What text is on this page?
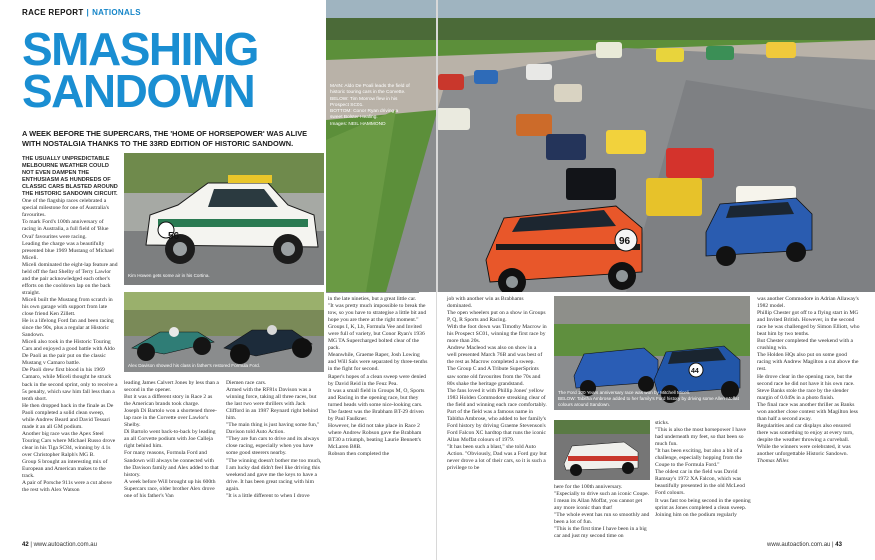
RACE REPORT | NATIONALS
SMASHING
SANDOWN
A WEEK BEFORE THE SUPERCARS, THE 'HOME OF HORSEPOWER' WAS ALIVE WITH NOSTALGIA THANKS TO THE 33RD EDITION OF HISTORIC SANDOWN.

THE USUALLY UNPREDICTABLE MELBOURNE WEATHER COULD NOT EVEN DAMPEN THE ENTHUSIASM AS HUNDREDS OF CLASSIC CARS BLASTED AROUND THE HISTORIC SANDOWN CIRCUIT.

One of the flagship races celebrated a special milestone for one of Australia's favourites.

To mark Ford's 100th anniversary of racing in Australia, a full field of 'Blue Oval' favourites were racing.

Leading the charge was a beautifully presented blue 1969 Mustang of Michael Miceli.

Miceli dominated the eight-lap feature and held off the fast Shelby of Terry Lawlor and the pair acknowledged each other's efforts on the cooldown lap on the back straight.

Miceli built the Mustang from scratch in his own garage with support from late close friend Ken Zillett.

He is a lifelong Ford fan and been racing since the 90s, plus a regular at Historic Sandown.

Miceli also took in the Historic Touring Cars and enjoyed a good battle with Aldo De Paoli as the pair put on the classic Mustang v Camaro battle.

De Paoli drew first blood in his 1969 Camaro, while Miceli thought he struck back in the second sprint, only to receive a 5s penalty, which saw him fall less than a tenth short.

He then dropped back in the finale as De Paoli completed a solid clean sweep, while Andrew Beard and David Tessari made it an all GM podium.

Another big race was the Apex Steel Touring Cars where Michael Russo drove clear in his Tiga SC84, winning by 4.1s over Christopher Ralph's MG B.

Group S brought an interesting mix of European and American makes to the track.

A pair of Porsche 911s were a cut above the rest with Alex Watson

56
Kim Howen gets some air in his Cortina.
Alex Davison showed his class in father's restored Formula Ford.

leading James Calvert Jones by less than a second in the opener.

But it was a different story in Race 2 as the American brands took charge.

Joseph Di Bartolo won a shortened three-lap race in the Corvette over Lawlor's Shelby.

Di Bartolo went back-to-back by leading an all Corvette podium with Joe Calleja right behind him.

For many reasons, Formula Ford and Sandown will always be connected with the Davison family and Alex added to that history.

A week before Will brought up his 600th Supercars race, older brother Alex drove one of his father's Van

Diemen race cars.

Armed with the RF81s Davison was a winning force, taking all three races, but the last two were thrillers with Jack Clifford in an 1987 Reynard right behind him.

"The main thing is just having some fun," Davison told Auto Action.

"They are fun cars to drive and its always close racing, especially when you have some good steerers nearby.

"The winning doesn't bother me too much, I am lucky dad didn't feel like driving this weekend and gave me the keys to have a drive. It has been great racing with him again.

"It is a little different to when I drove

in the late nineties, but a great little car.

"It was pretty much impossible to break the tow, so you have to strategise a little bit and hope you are there at the right moment."

Groups I, K, Lb, Formula Vee and Invited were full of variety, but Conor Ryan's 1936 MG TA Supercharged bolted clear of the pack.

Meanwhile, Graeme Raper, Josh Lowing and Will Sals were separated by three-tenths in the fight for second.

Raper's hopes of a clean sweep were denied by David Reid in the Feuz Pea.

It was a small field in Groups M, O, Sports and Racing in the opening race, but they turned heads with some nice-looking cars.

The fastest was the Brabham BT-29 driven by Paul Faulkner.

However, he did not take place in Race 2 where Andrew Robson gave the Brabham BT30 a triumph, beating Laurie Bennett's McLaren B8B.

Robson then completed the

42 | www.autoaction.com.au
96
MAIN: Aldo De Poali leads the field of historic touring cars in the Corvette.
BELOW: Tim Morrow flew in his Prospect SC01.
BOTTOM: Conor Ryan driving a sweet Bolster Healing.
Images: NEIL HAMMOND

job with another win as Brabhams dominated.

The open wheelers put on a show in Groups P, Q, R Sports and Racing.

With the foot down was Timothy Macrow in his Prospect SC01, winning the first race by more than 20s.

Andrew Macleod was also on show in a well presented March 76B and was best of the rest as Macrow completed a sweep.

The Group C and A Tribute SuperSprints saw some old favourites from the 70s and 80s shake the heritage grandstand.

The fans loved it with Phillip Jones' yellow 1983 Holden Commodore streaking clear of the field and winning each race comfortably.

Part of the field was a famous name in Tabitha Ambrose, who added to her family's Ford history by driving Graeme Stevenson's Ford Falcon XC hardtop that runs the iconic Allan Moffat colours of 1979.

"It has been such a blast," she told Auto Action. "Obviously, Dad was a Ford guy but never drove a lot of their cars, so it is such a privilege to be

44
The Ford 100 Years anniversary race was won by Mitchell Miceli.
BELOW: Tabitha Ambrose added to her family's Ford history by driving some Allen Moffat colours around Sandown.

here for the 100th anniversary.

"Especially to drive such an iconic Coupe. I mean its Allan Moffat, you cannot get any more iconic than that!

"The whole event has run so smoothly and been a lot of fun.

"This is the first time I have been in a big car and just my second time on

sticks.

"This is also the most horsepower I have had underneath my feet, so that been so much fun.

"It has been exciting, but also a bit of a challenge, especially hopping from the Coupe to the Formula Ford."

The oldest car in the field was David Ramsay's 1972 XA Falcon, which was beautifully presented in the old McLeod Ford colours.

It was fast too being second in the opening sprint as Jones completed a clean sweep.

Joining him on the podium regularly

was another Commodore in Adrian Allaway's 1982 model.

Phillip Chester got off to a flying start in MG and Invited British. However, in the second race he was challenged by Simon Elliott, who beat him by two tenths.

But Chester completed the weekend with a crushing win.

The Holden HQs also put on some good racing with Andrew Magilton a cut above the rest.

He drove clear in the opening race, but the second race he did not have it his own race. Steve Banks stole the race by the slender margin of 0.049s in a photo finish.

The final race was another thriller as Banks won another close contest with Magilton less than half a second away.

Regularities and car displays also ensured there was something to enjoy at every turn, despite the weather throwing a curveball.

While the winners were celebrated, it was another unforgettable Historic Sandown.

Thomas Miles

www.autoaction.com.au | 43
